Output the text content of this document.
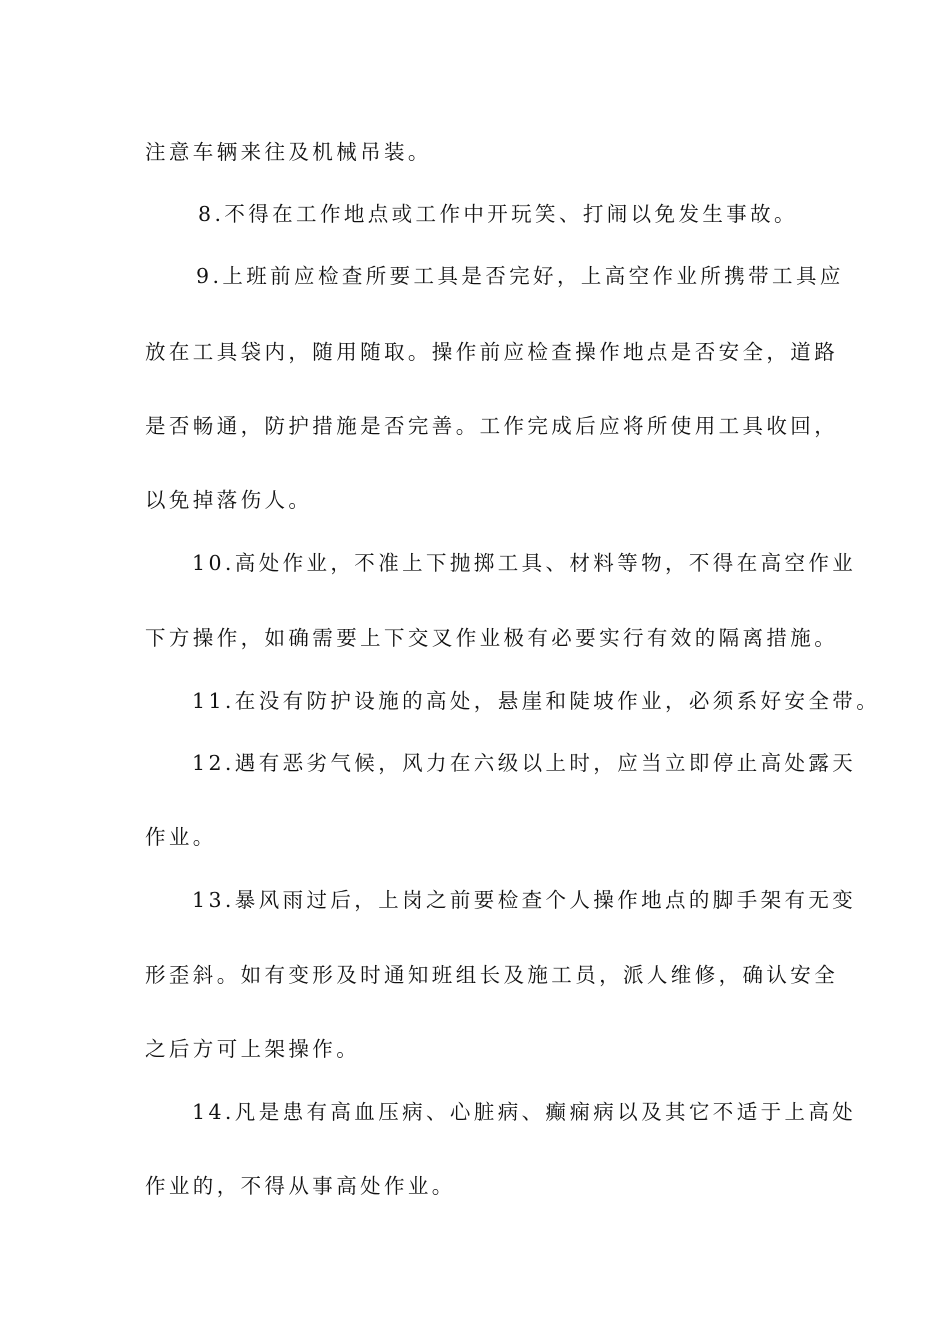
注意车辆来往及机械吊装。
8.不得在工作地点或工作中开玩笑、打闹以免发生事故。
9.上班前应检查所要工具是否完好，上高空作业所携带工具应
放在工具袋内，随用随取。操作前应检查操作地点是否安全，道路
是否畅通，防护措施是否完善。工作完成后应将所使用工具收回，
以免掉落伤人。
10.高处作业，不准上下抛掷工具、材料等物，不得在高空作业
下方操作，如确需要上下交叉作业极有必要实行有效的隔离措施。
11.在没有防护设施的高处，悬崖和陡坡作业，必须系好安全带。
12.遇有恶劣气候，风力在六级以上时，应当立即停止高处露天
作业。
13.暴风雨过后，上岗之前要检查个人操作地点的脚手架有无变
形歪斜。如有变形及时通知班组长及施工员，派人维修，确认安全
之后方可上架操作。
14.凡是患有高血压病、心脏病、癫痫病以及其它不适于上高处
作业的，不得从事高处作业。
